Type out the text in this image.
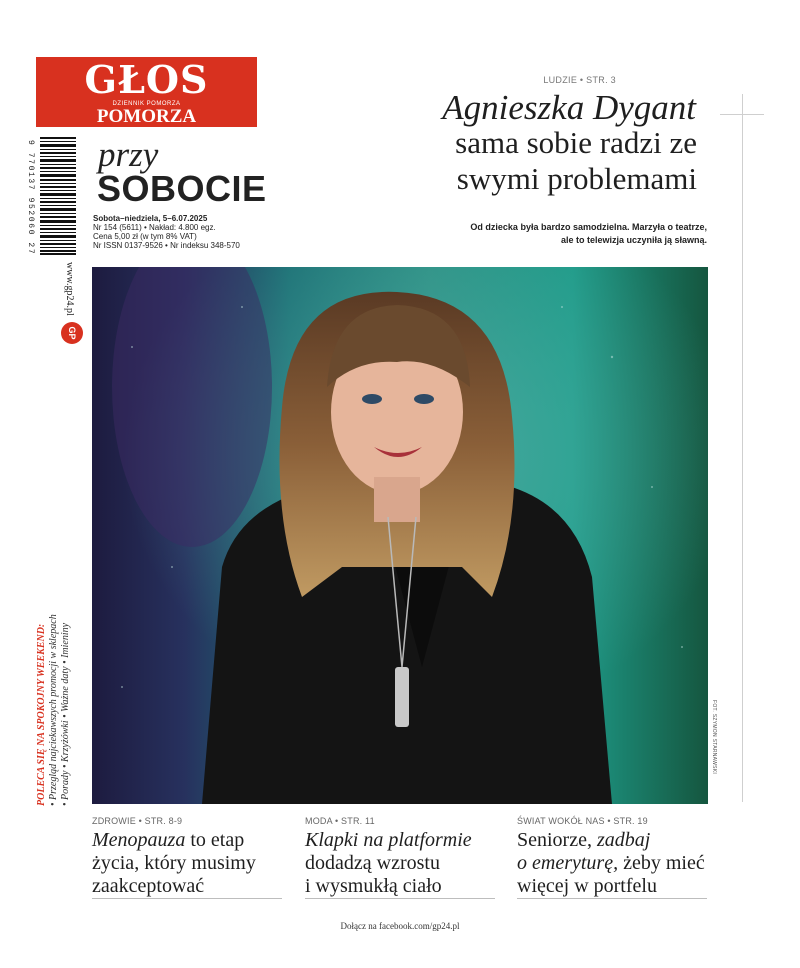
GŁOS
DZIENNIK POMORZA
POMORZA
przy
SOBOCIE
Sobota–niedziela, 5–6.07.2025
Nr 154 (5611) • Nakład: 4.800 egz.
Cena 5,00 zł (w tym 8% VAT)
Nr ISSN 0137-9526 • Nr indeksu 348-570
9 770137 952060 27
www.gp24.pl
GP
POLECA SIĘ NA SPOKOJNY WEEKEND: • Przegląd najciekawszych promocji w sklepach • Porady • Krzyżówki • Ważne daty • Imieniny
LUDZIE • STR. 3
Agnieszka Dygant
sama sobie radzi ze swymi problemami
Od dziecka była bardzo samodzielna. Marzyła o teatrze,
ale to telewizja uczyniła ją sławną.
FOT. SZYMON STARNAWSKI
ZDROWIE • STR. 8-9
Menopauza to etap
życia, który musimy
zaakceptować
MODA • STR. 11
Klapki na platformie
dodadzą wzrostu
i wysmukłą ciało
ŚWIAT WOKÓŁ NAS • STR. 19
Seniorze, zadbaj
o emeryturę, żeby mieć
więcej w portfelu
Dołącz na facebook.com/gp24.pl
